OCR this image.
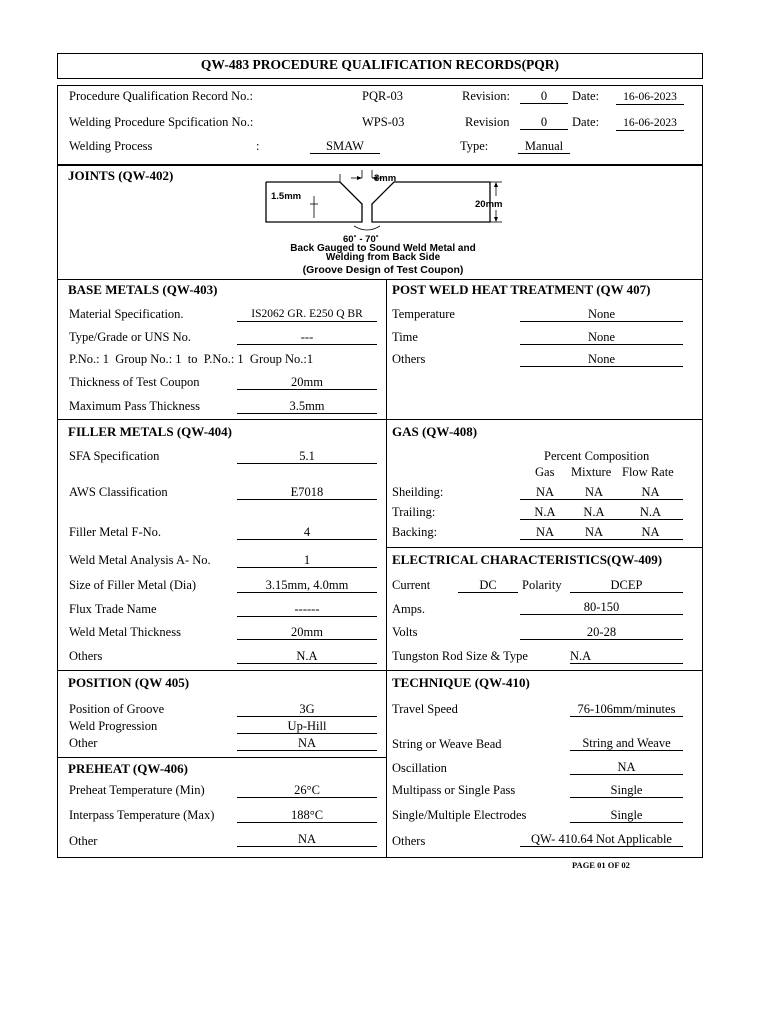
QW-483 PROCEDURE QUALIFICATION RECORDS(PQR)
Procedure Qualification Record No.:	PQR-03	Revision:	0	Date:	16-06-2023
Welding Procedure Spcification No.:	WPS-03	Revision	0	Date:	16-06-2023
Welding Process	:	SMAW	Type:	Manual
JOINTS (QW-402)	3mm
1.5mm
20mm
60˚ - 70˚
Back Gauged to Sound Weld Metal and
Welding from Back Side
(Groove Design of Test Coupon)
BASE METALS (QW-403)
Material Specification.	IS2062 GR. E250 Q BR
Type/Grade or UNS No.	---
P.No.: 1  Group No.: 1  to  P.No.: 1  Group No.:1
Thickness of Test Coupon	20mm
Maximum Pass Thickness	3.5mm
POST WELD HEAT TREATMENT (QW 407)
Temperature	None
Time	None
Others	None
FILLER METALS (QW-404)
SFA Specification	5.1
AWS Classification	E7018
Filler Metal F-No.	4
Weld Metal Analysis A- No.	1
Size of Filler Metal (Dia)	3.15mm, 4.0mm
Flux Trade Name	------
Weld Metal Thickness	20mm
Others	N.A
GAS (QW-408)
Percent Composition
Gas Mixture Flow Rate
Sheilding:	NA	NA	NA
Trailing:	N.A	N.A	N.A
Backing:	NA	NA	NA
ELECTRICAL CHARACTERISTICS(QW-409)
Current	DC	Polarity	DCEP
Amps.	80-150
Volts	20-28
Tungston Rod Size & Type	N.A
POSITION (QW 405)
Position of Groove	3G
Weld Progression	Up-Hill
Other	NA
PREHEAT (QW-406)
Preheat Temperature (Min)	26°C
Interpass Temperature (Max)	188°C
Other	NA
TECHNIQUE (QW-410)
Travel Speed	76-106mm/minutes
String or Weave Bead	String and Weave
Oscillation	NA
Multipass or Single Pass	Single
Single/Multiple Electrodes	Single
Others	QW- 410.64 Not Applicable
PAGE 01 OF 02
